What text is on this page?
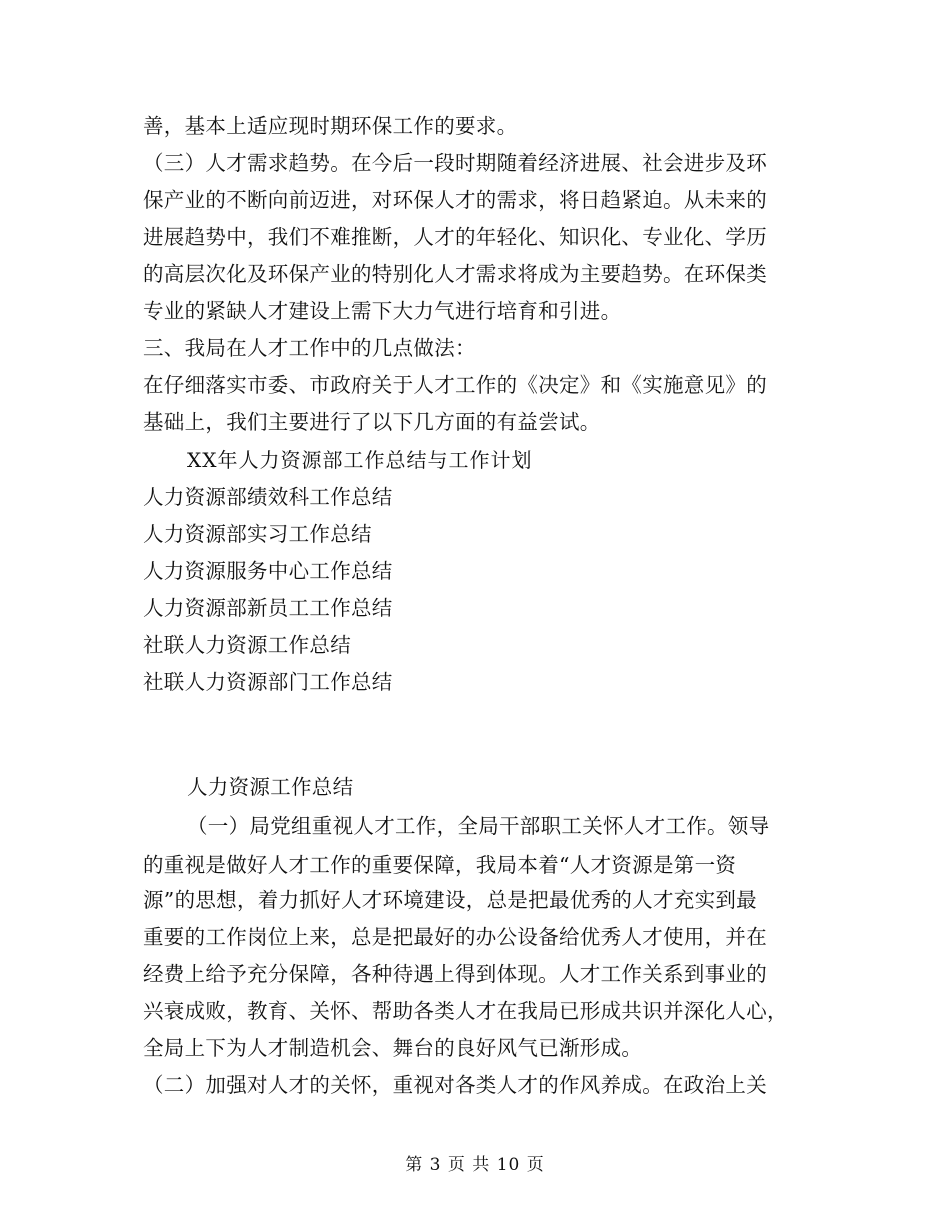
善，基本上适应现时期环保工作的要求。
（三）人才需求趋势。在今后一段时期随着经济进展、社会进步及环
保产业的不断向前迈进，对环保人才的需求，将日趋紧迫。从未来的
进展趋势中，我们不难推断，人才的年轻化、知识化、专业化、学历
的高层次化及环保产业的特别化人才需求将成为主要趋势。在环保类
专业的紧缺人才建设上需下大力气进行培育和引进。
三、我局在人才工作中的几点做法：
在仔细落实市委、市政府关于人才工作的《决定》和《实施意见》的
基础上，我们主要进行了以下几方面的有益尝试。
XX年人力资源部工作总结与工作计划
人力资源部绩效科工作总结
人力资源部实习工作总结
人力资源服务中心工作总结
人力资源部新员工工作总结
社联人力资源工作总结
社联人力资源部门工作总结
人力资源工作总结
（一）局党组重视人才工作，全局干部职工关怀人才工作。领导
的重视是做好人才工作的重要保障，我局本着“人才资源是第一资
源”的思想，着力抓好人才环境建设，总是把最优秀的人才充实到最
重要的工作岗位上来，总是把最好的办公设备给优秀人才使用，并在
经费上给予充分保障，各种待遇上得到体现。人才工作关系到事业的
兴衰成败，教育、关怀、帮助各类人才在我局已形成共识并深化人心，
全局上下为人才制造机会、舞台的良好风气已渐形成。
（二）加强对人才的关怀，重视对各类人才的作风养成。在政治上关
第 3 页 共 10 页
